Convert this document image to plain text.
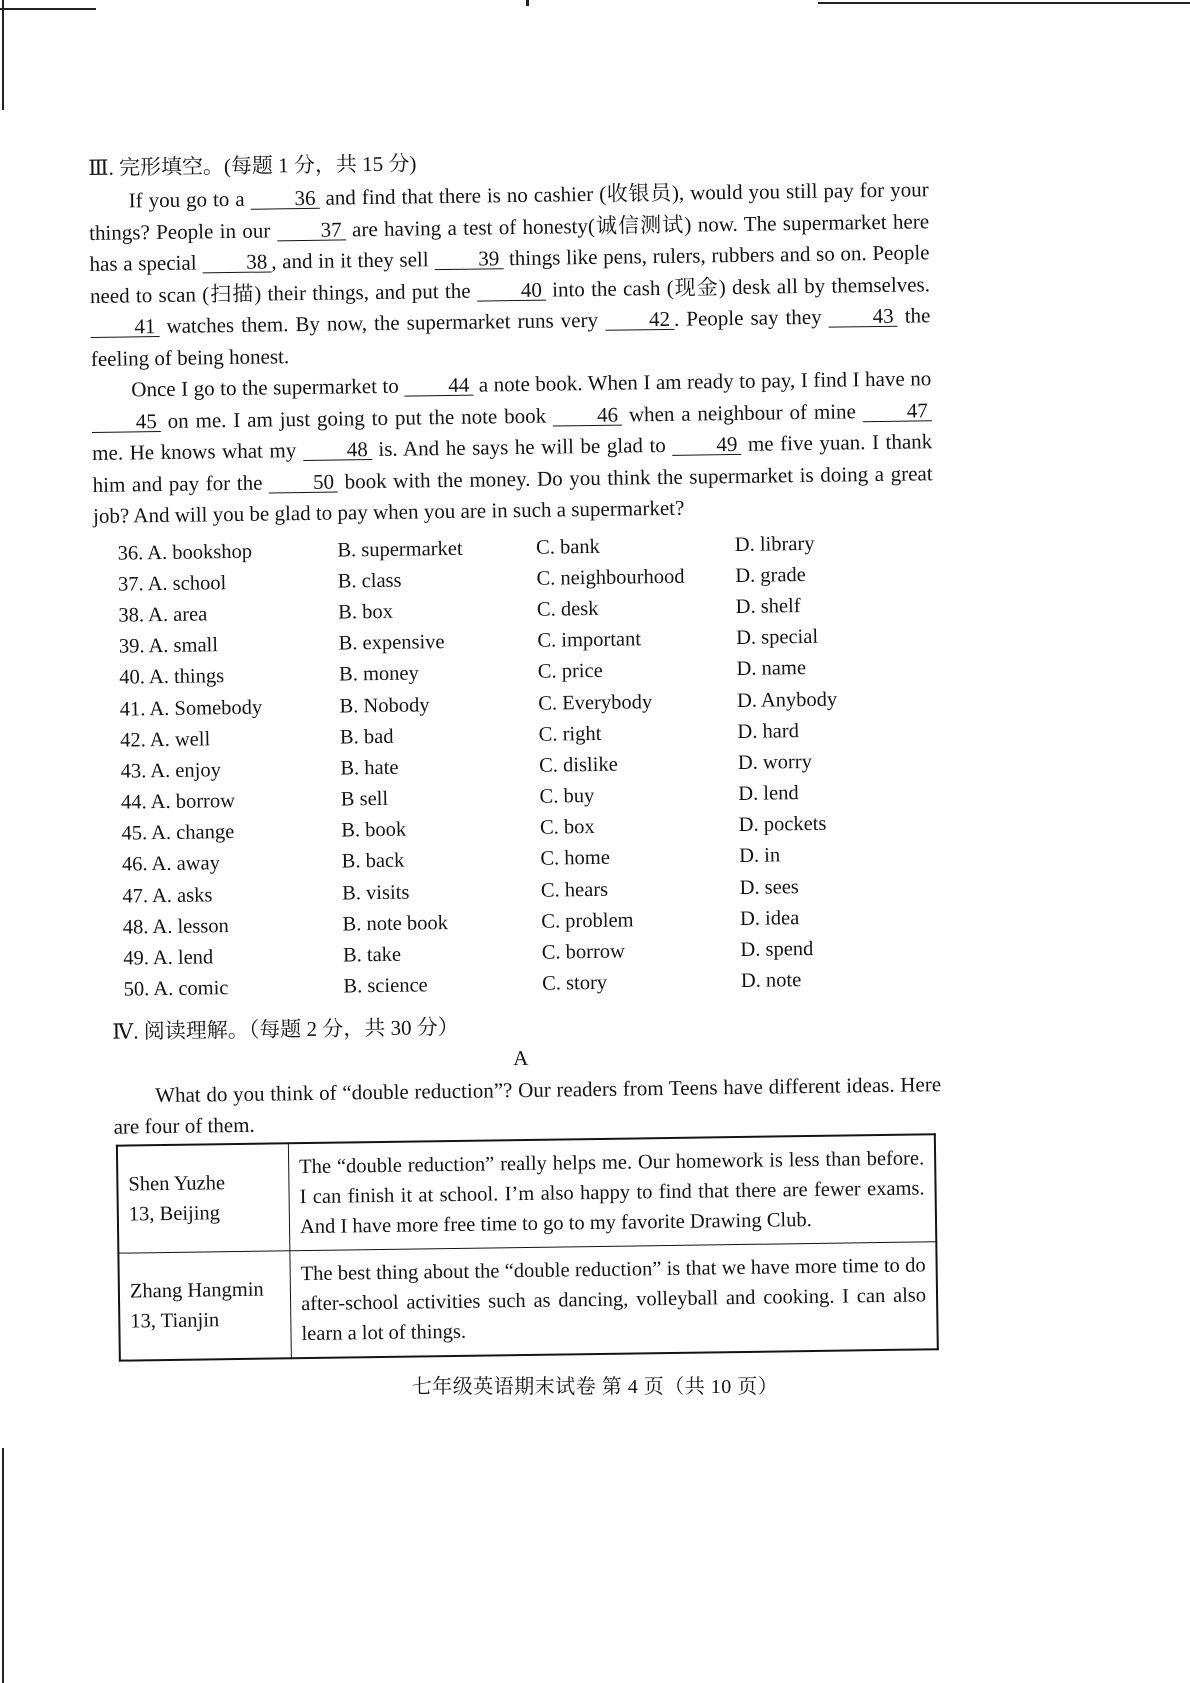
Ⅲ. 完形填空。(每题 1 分，共 15 分)

If you go to a 36 and find that there is no cashier (收银员), would you still pay for your things? People in our 37 are having a test of honesty(诚信测试) now. The supermarket here has a special 38 , and in it they sell 39 things like pens, rulers, rubbers and so on. People need to scan (扫描) their things, and put the 40 into the cash (现金) desk all by themselves. 41 watches them. By now, the supermarket runs very 42 . People say they 43 the feeling of being honest.

Once I go to the supermarket to 44 a note book. When I am ready to pay, I find I have no 45 on me. I am just going to put the note book 46 when a neighbour of mine 47 me. He knows what my 48 is. And he says he will be glad to 49 me five yuan. I thank him and pay for the 50 book with the money. Do you think the supermarket is doing a great job? And will you be glad to pay when you are in such a supermarket?

36. A. bookshop	B. supermarket	C. bank	D. library
37. A. school	B. class	C. neighbourhood	D. grade
38. A. area	B. box	C. desk	D. shelf
39. A. small	B. expensive	C. important	D. special
40. A. things	B. money	C. price	D. name
41. A. Somebody	B. Nobody	C. Everybody	D. Anybody
42. A. well	B. bad	C. right	D. hard
43. A. enjoy	B. hate	C. dislike	D. worry
44. A. borrow	B sell	C. buy	D. lend
45. A. change	B. book	C. box	D. pockets
46. A. away	B. back	C. home	D. in
47. A. asks	B. visits	C. hears	D. sees
48. A. lesson	B. note book	C. problem	D. idea
49. A. lend	B. take	C. borrow	D. spend
50. A. comic	B. science	C. story	D. note
Ⅳ. 阅读理解。（每题 2 分，共 30 分）
A

What do you think of “double reduction”? Our readers from Teens have different ideas. Here are four of them.

Shen Yuzhe
13, Beijing	The “double reduction” really helps me. Our homework is less than before. I can finish it at school. I’m also happy to find that there are fewer exams. And I have more free time to go to my favorite Drawing Club.

Zhang Hangmin
13, Tianjin	The best thing about the “double reduction” is that we have more time to do after-school activities such as dancing, volleyball and cooking. I can also learn a lot of things.
七年级英语期末试卷 第 4 页（共 10 页）
